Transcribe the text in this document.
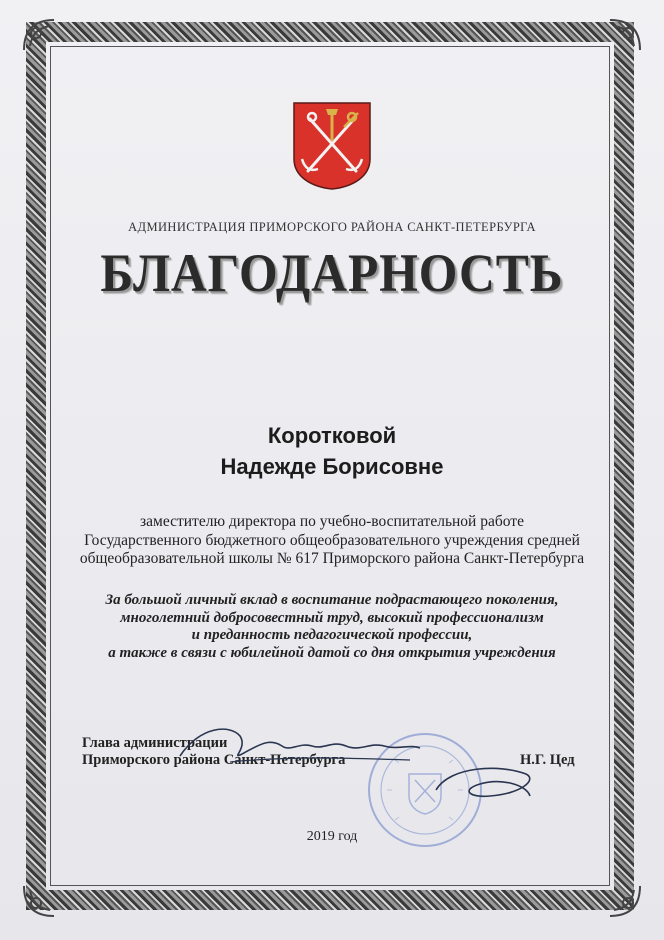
АДМИНИСТРАЦИЯ ПРИМОРСКОГО РАЙОНА САНКТ-ПЕТЕРБУРГА
БЛАГОДАРНОСТЬ
Коротковой
Надежде Борисовне
заместителю директора по учебно-воспитательной работе
Государственного бюджетного общеобразовательного учреждения средней
общеобразовательной школы № 617 Приморского района Санкт-Петербурга
За большой личный вклад в воспитание подрастающего поколения,
многолетний добросовестный труд, высокий профессионализм
и преданность педагогической профессии,
а также в связи с юбилейной датой со дня открытия учреждения
Глава администрации
Приморского района Санкт-Петербурга	Н.Г. Цед
2019 год
